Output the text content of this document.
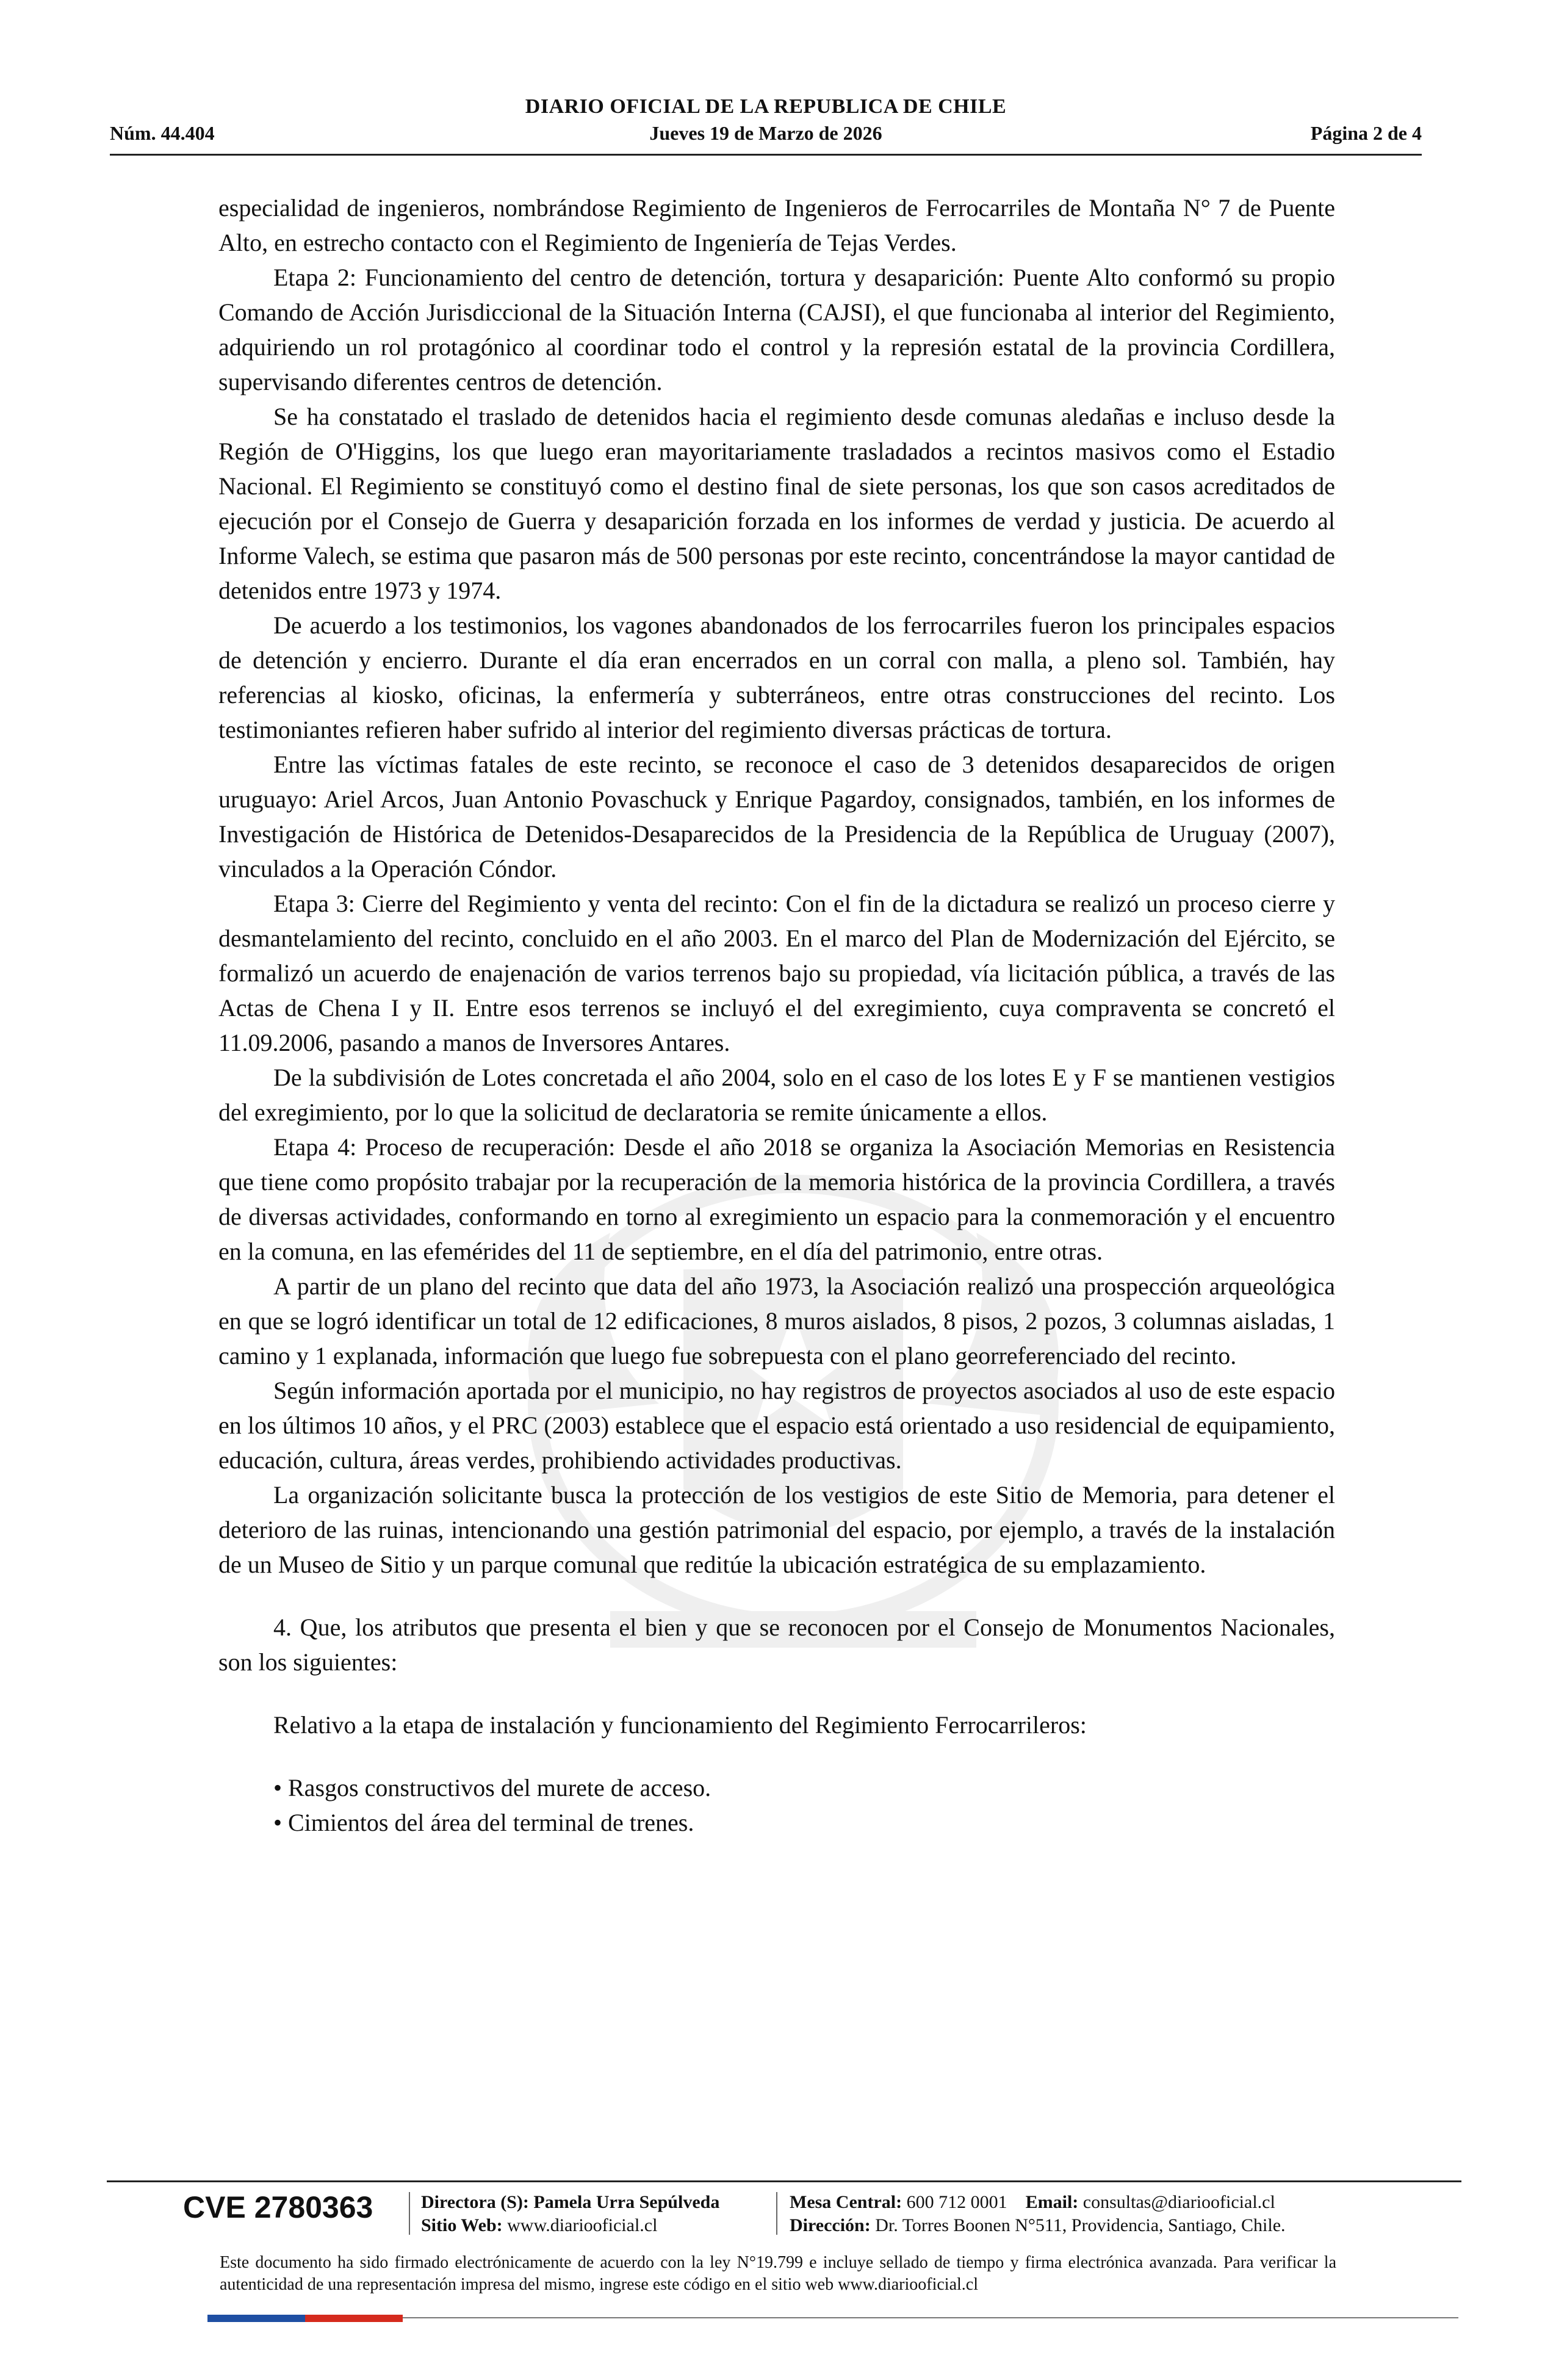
DIARIO OFICIAL DE LA REPUBLICA DE CHILE
Núm. 44.404	Jueves 19 de Marzo de 2026	Página 2 de 4

especialidad de ingenieros, nombrándose Regimiento de Ingenieros de Ferrocarriles de Montaña N° 7 de Puente Alto, en estrecho contacto con el Regimiento de Ingeniería de Tejas Verdes.

Etapa 2: Funcionamiento del centro de detención, tortura y desaparición: Puente Alto conformó su propio Comando de Acción Jurisdiccional de la Situación Interna (CAJSI), el que funcionaba al interior del Regimiento, adquiriendo un rol protagónico al coordinar todo el control y la represión estatal de la provincia Cordillera, supervisando diferentes centros de detención.

Se ha constatado el traslado de detenidos hacia el regimiento desde comunas aledañas e incluso desde la Región de O'Higgins, los que luego eran mayoritariamente trasladados a recintos masivos como el Estadio Nacional. El Regimiento se constituyó como el destino final de siete personas, los que son casos acreditados de ejecución por el Consejo de Guerra y desaparición forzada en los informes de verdad y justicia. De acuerdo al Informe Valech, se estima que pasaron más de 500 personas por este recinto, concentrándose la mayor cantidad de detenidos entre 1973 y 1974.

De acuerdo a los testimonios, los vagones abandonados de los ferrocarriles fueron los principales espacios de detención y encierro. Durante el día eran encerrados en un corral con malla, a pleno sol. También, hay referencias al kiosko, oficinas, la enfermería y subterráneos, entre otras construcciones del recinto. Los testimoniantes refieren haber sufrido al interior del regimiento diversas prácticas de tortura.

Entre las víctimas fatales de este recinto, se reconoce el caso de 3 detenidos desaparecidos de origen uruguayo: Ariel Arcos, Juan Antonio Povaschuck y Enrique Pagardoy, consignados, también, en los informes de Investigación de Histórica de Detenidos-Desaparecidos de la Presidencia de la República de Uruguay (2007), vinculados a la Operación Cóndor.

Etapa 3: Cierre del Regimiento y venta del recinto: Con el fin de la dictadura se realizó un proceso cierre y desmantelamiento del recinto, concluido en el año 2003. En el marco del Plan de Modernización del Ejército, se formalizó un acuerdo de enajenación de varios terrenos bajo su propiedad, vía licitación pública, a través de las Actas de Chena I y II. Entre esos terrenos se incluyó el del exregimiento, cuya compraventa se concretó el 11.09.2006, pasando a manos de Inversores Antares.

De la subdivisión de Lotes concretada el año 2004, solo en el caso de los lotes E y F se mantienen vestigios del exregimiento, por lo que la solicitud de declaratoria se remite únicamente a ellos.

Etapa 4: Proceso de recuperación: Desde el año 2018 se organiza la Asociación Memorias en Resistencia que tiene como propósito trabajar por la recuperación de la memoria histórica de la provincia Cordillera, a través de diversas actividades, conformando en torno al exregimiento un espacio para la conmemoración y el encuentro en la comuna, en las efemérides del 11 de septiembre, en el día del patrimonio, entre otras.

A partir de un plano del recinto que data del año 1973, la Asociación realizó una prospección arqueológica en que se logró identificar un total de 12 edificaciones, 8 muros aislados, 8 pisos, 2 pozos, 3 columnas aisladas, 1 camino y 1 explanada, información que luego fue sobrepuesta con el plano georreferenciado del recinto.

Según información aportada por el municipio, no hay registros de proyectos asociados al uso de este espacio en los últimos 10 años, y el PRC (2003) establece que el espacio está orientado a uso residencial de equipamiento, educación, cultura, áreas verdes, prohibiendo actividades productivas.

La organización solicitante busca la protección de los vestigios de este Sitio de Memoria, para detener el deterioro de las ruinas, intencionando una gestión patrimonial del espacio, por ejemplo, a través de la instalación de un Museo de Sitio y un parque comunal que reditúe la ubicación estratégica de su emplazamiento.

4. Que, los atributos que presenta el bien y que se reconocen por el Consejo de Monumentos Nacionales, son los siguientes:

Relativo a la etapa de instalación y funcionamiento del Regimiento Ferrocarrileros:

• Rasgos constructivos del murete de acceso.

• Cimientos del área del terminal de trenes.

CVE 2780363	Directora (S): Pamela Urra Sepúlveda
Sitio Web: www.diariooficial.cl
Mesa Central: 600 712 0001 Email: consultas@diariooficial.cl
Dirección: Dr. Torres Boonen N°511, Providencia, Santiago, Chile.
Este documento ha sido firmado electrónicamente de acuerdo con la ley N°19.799 e incluye sellado de tiempo y firma electrónica avanzada. Para verificar la autenticidad de una representación impresa del mismo, ingrese este código en el sitio web www.diariooficial.cl
